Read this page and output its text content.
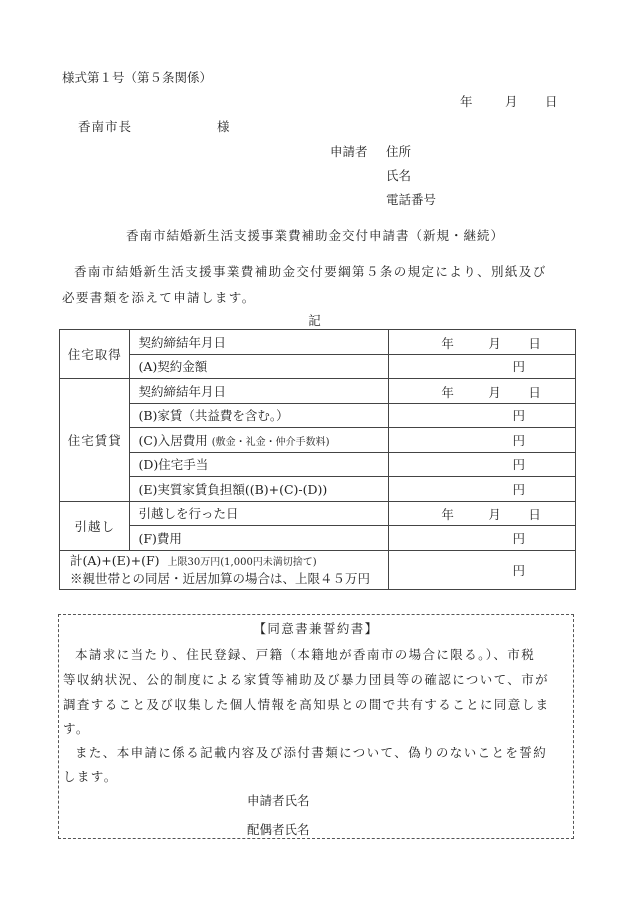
様式第１号（第５条関係）
年	月 日
香南市長	様
申請者 住所
氏名
電話番号
香南市結婚新生活支援事業費補助金交付申請書（新規・継続）
香南市結婚新生活支援事業費補助金交付要綱第５条の規定により、別紙及び
必要書類を添えて申請します。
記
住宅取得	契約締結年月日	年 月 日

	(A)契約金額	円
住宅賃貸	契約締結年月日	年 月 日

	(B)家賃（共益費を含む。）	円
	(C)入居費用 (敷金・礼金・仲介手数料)	円
	(D)住宅手当	円
	(E)実質家賃負担額((B)+(C)-(D))	円
引越し	引越しを行った日	年 月 日

	(F)費用	円

計(A)+(E)+(F) 上限30万円(1,000円未満切捨て)
※親世帯との同居・近居加算の場合は、上限４５万円		円
【同意書兼誓約書】
本請求に当たり、住民登録、戸籍（本籍地が香南市の場合に限る。）、市税
等収納状況、公的制度による家賃等補助及び暴力団員等の確認について、市が
調査すること及び収集した個人情報を高知県との間で共有することに同意しま
す。
また、本申請に係る記載内容及び添付書類について、偽りのないことを誓約
します。
申請者氏名
配偶者氏名
